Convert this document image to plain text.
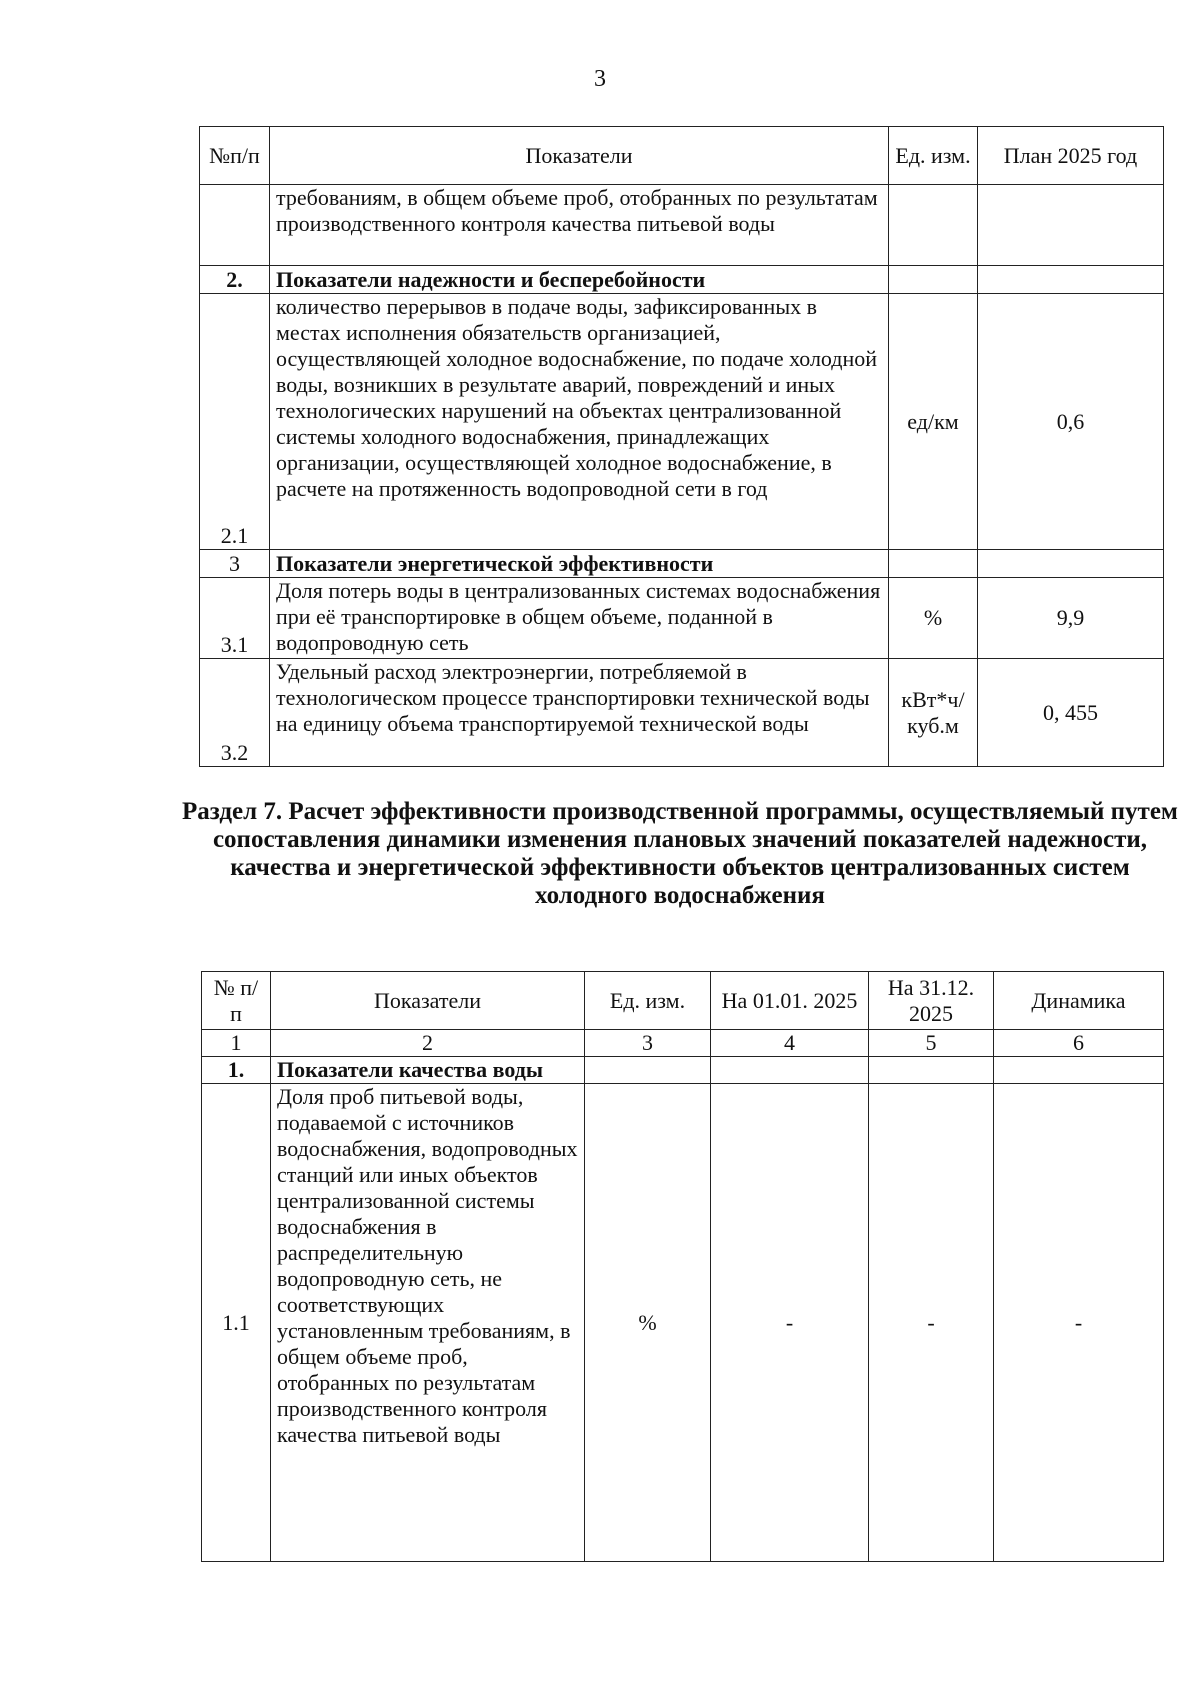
3
№п/п	Показатели	Ед. изм.	План 2025 год
	требованиям, в общем объеме проб, отобранных по результатам производственного контроля качества питьевой воды		
2.	Показатели надежности и бесперебойности		
2.1	количество перерывов в подаче воды, зафиксированных в местах исполнения обязательств организацией, осуществляющей холодное водоснабжение, по подаче холодной воды, возникших в результате аварий, повреждений и иных технологических нарушений на объектах централизованной системы холодного водоснабжения, принадлежащих организации, осуществляющей холодное водоснабжение, в расчете на протяженность водопроводной сети в год	ед/км	0,6
3	Показатели энергетической эффективности		
3.1	Доля потерь воды в централизованных системах водоснабжения при её транспортировке в общем объеме, поданной в водопроводную сеть	%	9,9
3.2	Удельный расход электроэнергии, потребляемой в технологическом процессе транспортировки технической воды на единицу объема транспортируемой технической воды	кВт*ч/ куб.м	0, 455
Раздел 7. Расчет эффективности производственной программы, осуществляемый путем сопоставления динамики изменения плановых значений показателей надежности, качества и энергетической эффективности объектов централизованных систем холодного водоснабжения
№ п/п	Показатели	Ед. изм.	На 01.01. 2025	На 31.12. 2025	Динамика
1	2	3	4	5	6
1.	Показатели качества воды				
1.1	Доля проб питьевой воды, подаваемой с источников водоснабжения, водопроводных станций или иных объектов централизованной системы водоснабжения в распределительную водопроводную сеть, не соответствующих установленным требованиям, в общем объеме проб, отобранных по результатам производственного контроля качества питьевой воды	%	-	-	-
